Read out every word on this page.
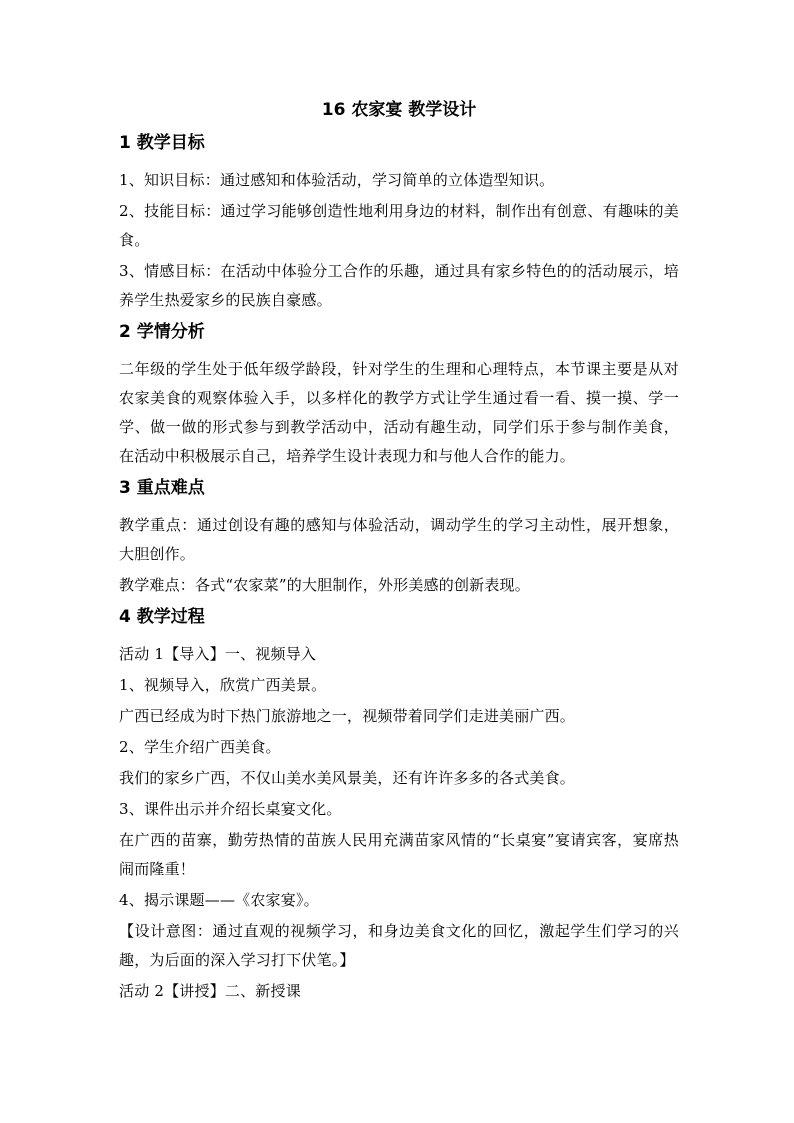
16 农家宴 教学设计
1 教学目标
1、知识目标：通过感知和体验活动，学习简单的立体造型知识。
2、技能目标：通过学习能够创造性地利用身边的材料，制作出有创意、有趣味的美食。
3、情感目标：在活动中体验分工合作的乐趣，通过具有家乡特色的的活动展示，培养学生热爱家乡的民族自豪感。
2 学情分析
二年级的学生处于低年级学龄段，针对学生的生理和心理特点，本节课主要是从对农家美食的观察体验入手，以多样化的教学方式让学生通过看一看、摸一摸、学一学、做一做的形式参与到教学活动中，活动有趣生动，同学们乐于参与制作美食，在活动中积极展示自己，培养学生设计表现力和与他人合作的能力。
3 重点难点
教学重点：通过创设有趣的感知与体验活动，调动学生的学习主动性，展开想象，大胆创作。
教学难点：各式“农家菜”的大胆制作，外形美感的创新表现。
4 教学过程
活动 1【导入】一、视频导入
1、视频导入，欣赏广西美景。
广西已经成为时下热门旅游地之一，视频带着同学们走进美丽广西。
2、学生介绍广西美食。
我们的家乡广西，不仅山美水美风景美，还有许许多多的各式美食。
3、课件出示并介绍长桌宴文化。
在广西的苗寨，勤劳热情的苗族人民用充满苗家风情的“长桌宴”宴请宾客，宴席热闹而隆重！
4、揭示课题——《农家宴》。
【设计意图：通过直观的视频学习，和身边美食文化的回忆，激起学生们学习的兴趣，为后面的深入学习打下伏笔。】
活动 2【讲授】二、新授课
